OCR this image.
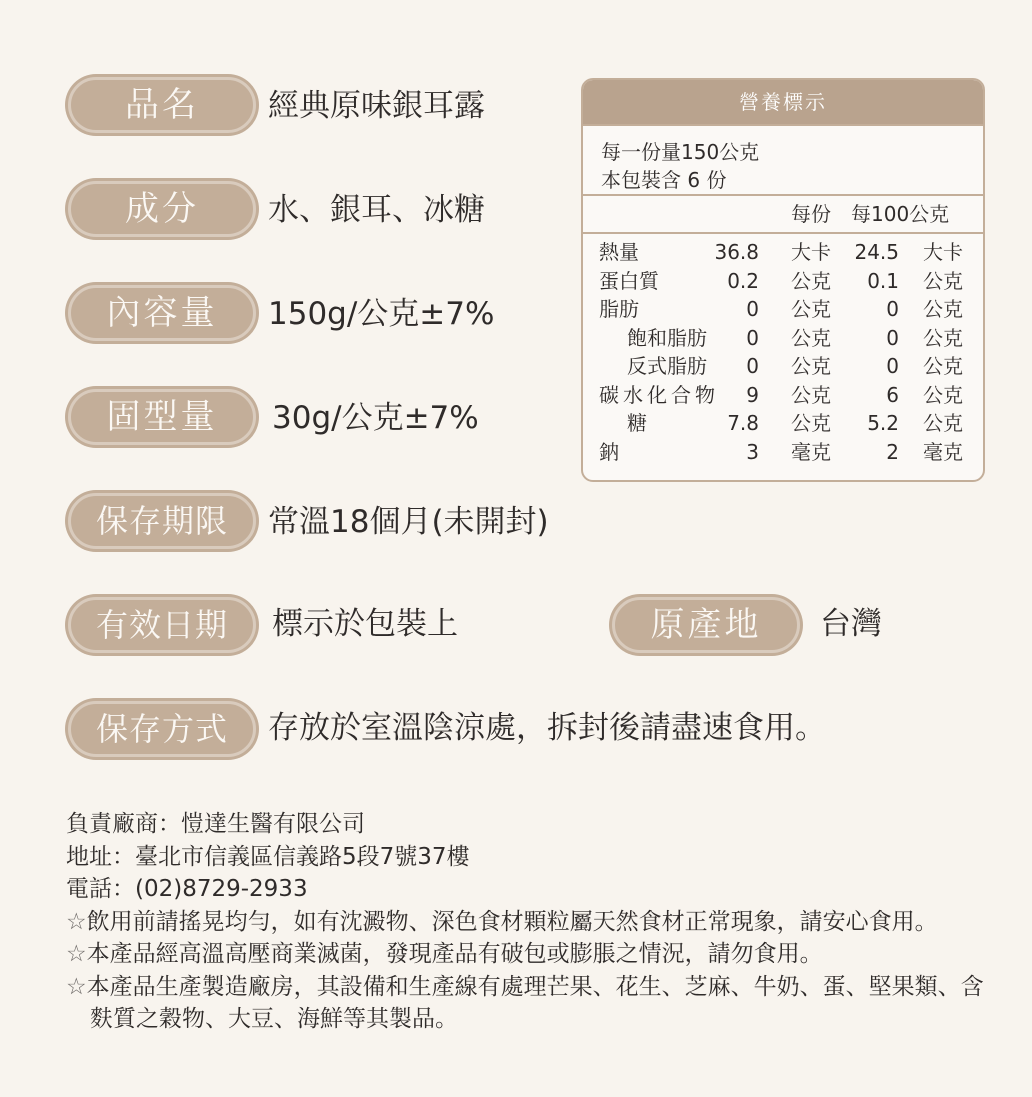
品名	經典原味銀耳露
成分	水、銀耳、冰糖
內容量	150g/公克±7%
固型量	30g/公克±7%
保存期限	常溫18個月(未開封)
有效日期	標示於包裝上	原產地	台灣
保存方式	存放於室溫陰涼處，拆封後請盡速食用。
營養標示
每一份量150公克
本包裝含 6 份
每份 每100公克
熱量	36.8 大卡 24.5 大卡
蛋白質	0.2 公克 0.1 公克
脂肪	0 公克	0 公克
飽和脂肪 0 公克	0 公克
反式脂肪 0 公克	0 公克
碳水化合物 9 公克	6 公克
糖	7.8 公克 5.2 公克
鈉	3 毫克	2 毫克

負責廠商：愷達生醫有限公司

地址：臺北市信義區信義路5段7號37樓

電話：(02)8729-2933

☆飲用前請搖晃均勻，如有沈澱物、深色食材顆粒屬天然食材正常現象，請安心食用。

☆本產品經高溫高壓商業滅菌，發現產品有破包或膨脹之情況，請勿食用。

☆本產品生產製造廠房，其設備和生產線有處理芒果、花生、芝麻、牛奶、蛋、堅果類、含麩質之穀物、大豆、海鮮等其製品。
